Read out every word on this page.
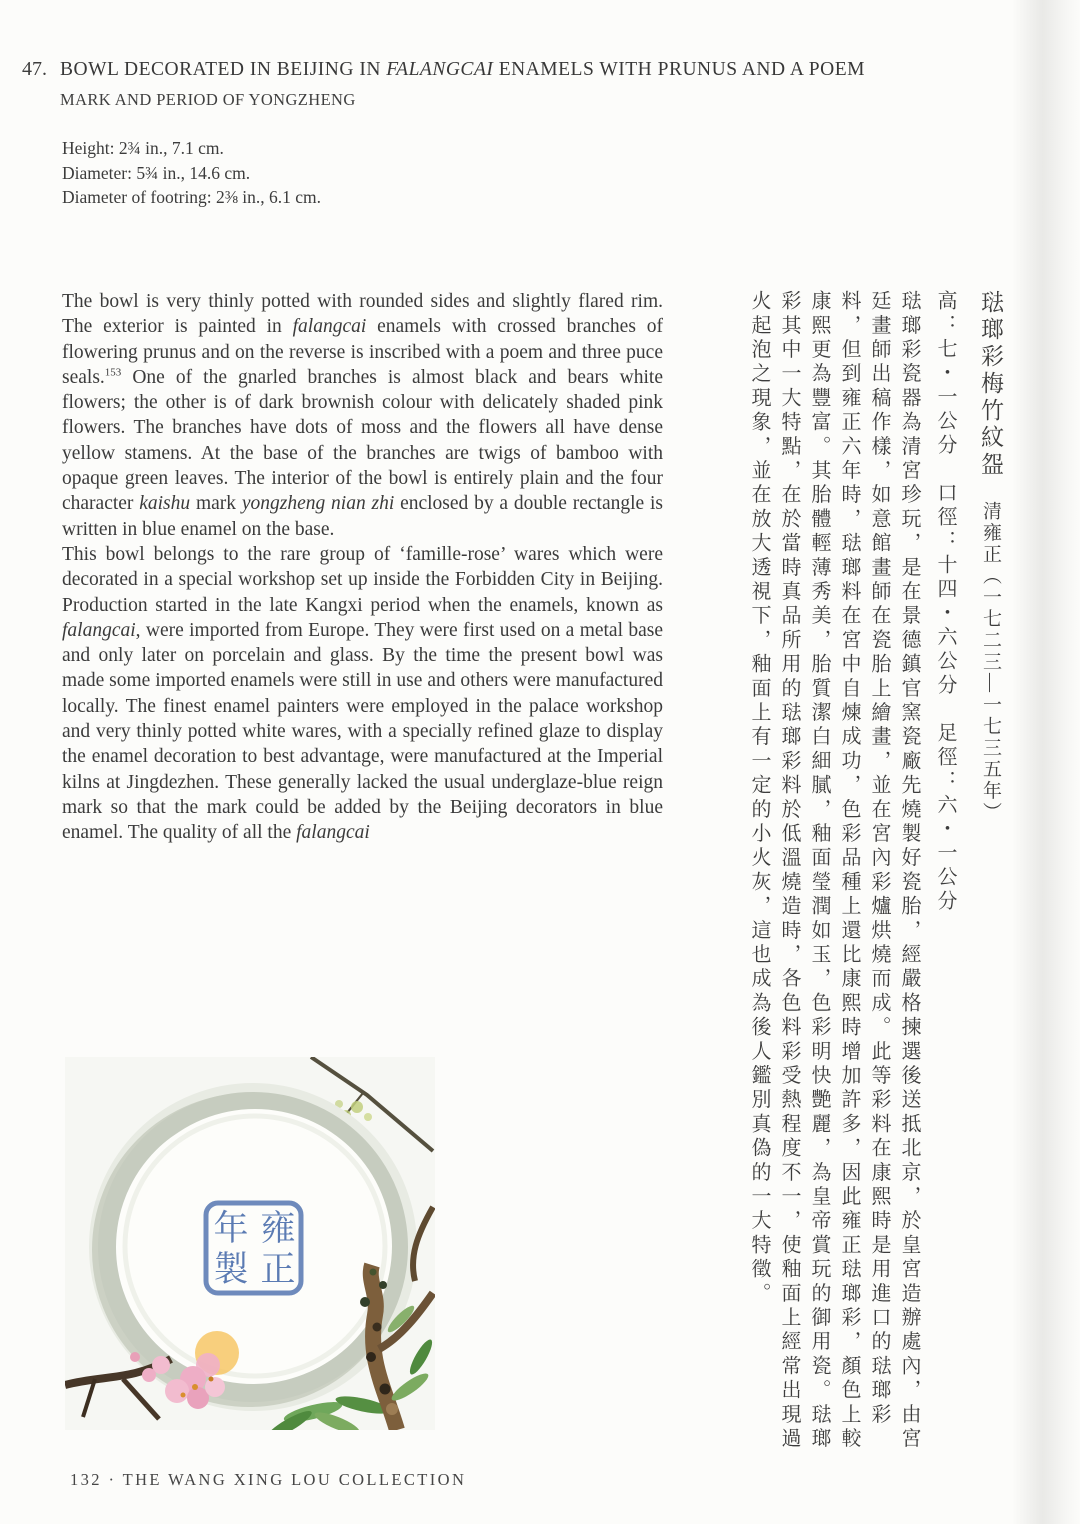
47. BOWL DECORATED IN BEIJING IN FALANGCAI ENAMELS WITH PRUNUS AND A POEM
MARK AND PERIOD OF YONGZHENG
Height: 2¾ in., 7.1 cm.
Diameter: 5¾ in., 14.6 cm.
Diameter of footring: 2⅜ in., 6.1 cm.

The bowl is very thinly potted with rounded sides and slightly flared rim. The exterior is painted in falangcai enamels with crossed branches of flowering prunus and on the reverse is inscribed with a poem and three puce seals.$^{153}$ One of the gnarled branches is almost black and bears white flowers; the other is of dark brownish colour with delicately shaded pink flowers. The branches have dots of moss and the flowers all have dense yellow stamens. At the base of the branches are twigs of bamboo with opaque green leaves. The interior of the bowl is entirely plain and the four character kaishu mark yongzheng nian zhi enclosed by a double rectangle is written in blue enamel on the base.

This bowl belongs to the rare group of ‘famille-rose’ wares which were decorated in a special workshop set up inside the Forbidden City in Beijing. Production started in the late Kangxi period when the enamels, known as falangcai, were imported from Europe. They were first used on a metal base and only later on porcelain and glass. By the time the present bowl was made some imported enamels were still in use and others were manufactured locally. The finest enamel painters were employed in the palace workshop and very thinly potted white wares, with a specially refined glaze to display the enamel decoration to best advantage, were manufactured at the Imperial kilns at Jingdezhen. These generally lacked the usual underglaze-blue reign mark so that the mark could be added by the Beijing decorators in blue enamel. The quality of all the falangcai

琺瑯彩梅竹紋盌清雍正（一七二三—一七三五年）
高：七・一公分　口徑：十四・六公分　足徑：六・一公分
琺瑯彩瓷器為清宮珍玩，是在景德鎮官窯瓷廠先燒製好瓷胎，經嚴格揀選後送抵北京，於皇宮造辦處內，由宮廷畫師出稿作樣，如意館畫師在瓷胎上繪畫，並在宮內彩爐烘燒而成。此等彩料在康熙時是用進口的琺瑯彩料，但到雍正六年時，琺瑯料在宮中自煉成功，色彩品種上還比康熙時增加許多，因此雍正琺瑯彩，顏色上較康熙更為豐富。其胎體輕薄秀美，胎質潔白細膩，釉面瑩潤如玉，色彩明快艷麗，為皇帝賞玩的御用瓷。琺瑯彩其中一大特點，在於當時真品所用的琺瑯彩料於低溫燒造時，各色料彩受熱程度不一，使釉面上經常出現過火起泡之現象，並在放大透視下，釉面上有一定的小火灰，這也成為後人鑑別真偽的一大特徵。
雍
正
年
製
132 · THE WANG XING LOU COLLECTION
